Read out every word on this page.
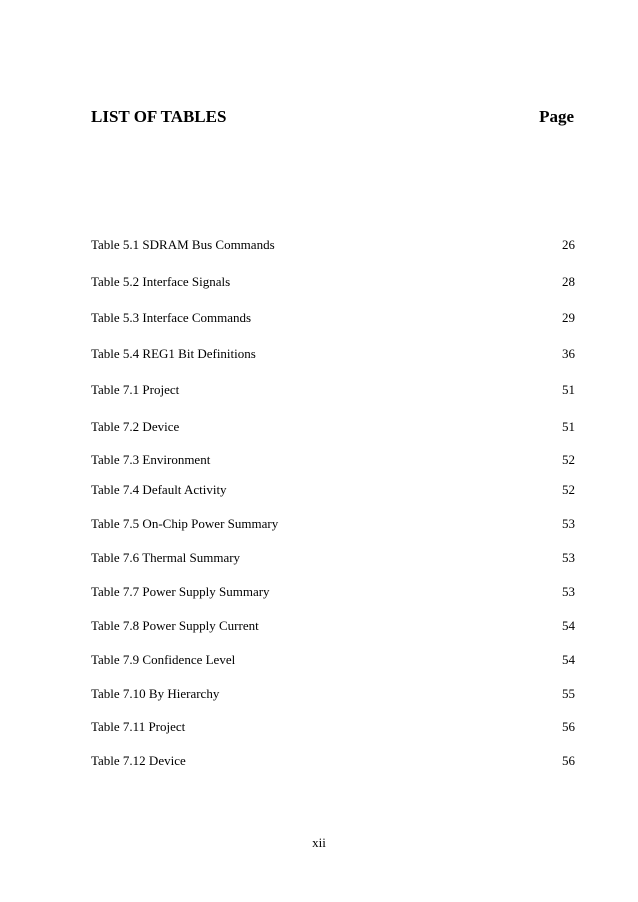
LIST OF TABLES	Page
Table 5.1 SDRAM Bus Commands	26
Table 5.2 Interface Signals	28
Table 5.3 Interface Commands	29
Table 5.4 REG1 Bit Definitions	36
Table 7.1 Project	51
Table 7.2 Device	51
Table 7.3 Environment	52
Table 7.4 Default Activity	52
Table 7.5 On-Chip Power Summary	53
Table 7.6 Thermal Summary	53
Table 7.7 Power Supply Summary	53
Table 7.8 Power Supply Current	54
Table 7.9 Confidence Level	54
Table 7.10 By Hierarchy	55
Table 7.11 Project	56
Table 7.12 Device	56
xii
